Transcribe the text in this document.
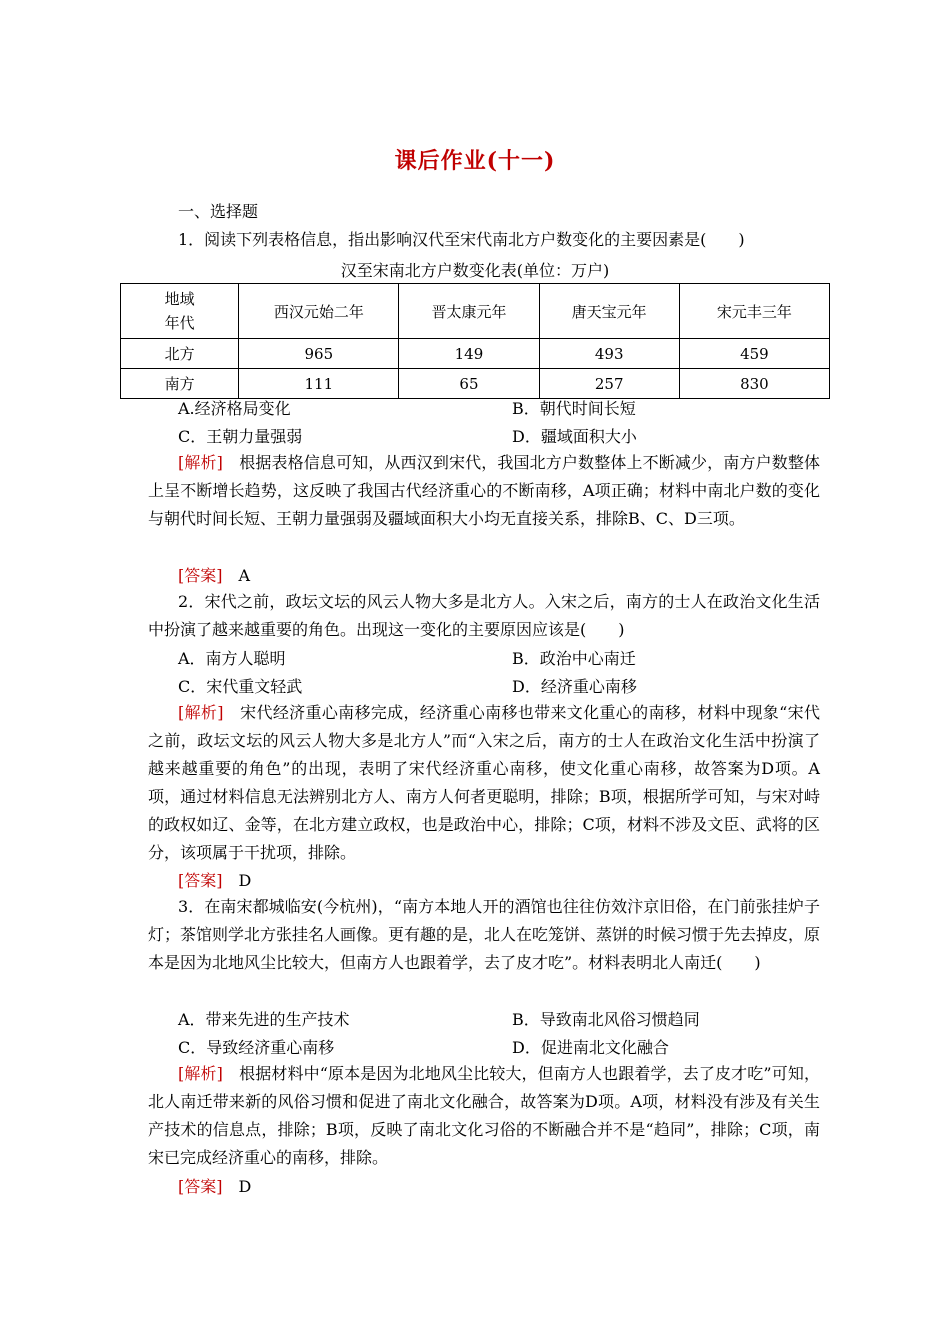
课后作业(十一)
一、选择题
1．阅读下列表格信息，指出影响汉代至宋代南北方户数变化的主要因素是(　　)
汉至宋南北方户数变化表(单位：万户)
地域
年代	西汉元始二年	晋太康元年	唐天宝元年	宋元丰三年
北方	965	149	493	459
南方	111	65	257	830
A.经济格局变化	B．朝代时间长短
C．王朝力量强弱	D．疆域面积大小
[解析]　 根据表格信息可知，从西汉到宋代，我国北方户数整体上不断减少，南方户数整体上呈不断增长趋势，这反映了我国古代经济重心的不断南移，A项正确；材料中南北户数的变化与朝代时间长短、王朝力量强弱及疆域面积大小均无直接关系，排除B、C、D三项。
[答案]　 A
2．宋代之前，政坛文坛的风云人物大多是北方人。入宋之后，南方的士人在政治文化生活中扮演了越来越重要的角色。出现这一变化的主要原因应该是(　　)
A．南方人聪明	B．政治中心南迁
C．宋代重文轻武	D．经济重心南移
[解析]　 宋代经济重心南移完成，经济重心南移也带来文化重心的南移，材料中现象“宋代之前，政坛文坛的风云人物大多是北方人”而“入宋之后，南方的士人在政治文化生活中扮演了越来越重要的角色”的出现，表明了宋代经济重心南移，使文化重心南移，故答案为D项。A项，通过材料信息无法辨别北方人、南方人何者更聪明，排除；B项，根据所学可知，与宋对峙的政权如辽、金等，在北方建立政权，也是政治中心，排除；C项，材料不涉及文臣、武将的区分，该项属于干扰项，排除。
[答案]　 D
3．在南宋都城临安(今杭州)，“南方本地人开的酒馆也往往仿效汴京旧俗，在门前张挂炉子灯；茶馆则学北方张挂名人画像。更有趣的是，北人在吃笼饼、蒸饼的时候习惯于先去掉皮，原本是因为北地风尘比较大，但南方人也跟着学，去了皮才吃”。材料表明北人南迁(　　)
A．带来先进的生产技术	B．导致南北风俗习惯趋同
C．导致经济重心南移	D．促进南北文化融合
[解析]　 根据材料中“原本是因为北地风尘比较大，但南方人也跟着学，去了皮才吃”可知，北人南迁带来新的风俗习惯和促进了南北文化融合，故答案为D项。A项，材料没有涉及有关生产技术的信息点，排除；B项，反映了南北文化习俗的不断融合并不是“趋同”，排除；C项，南宋已完成经济重心的南移，排除。
[答案]　 D
